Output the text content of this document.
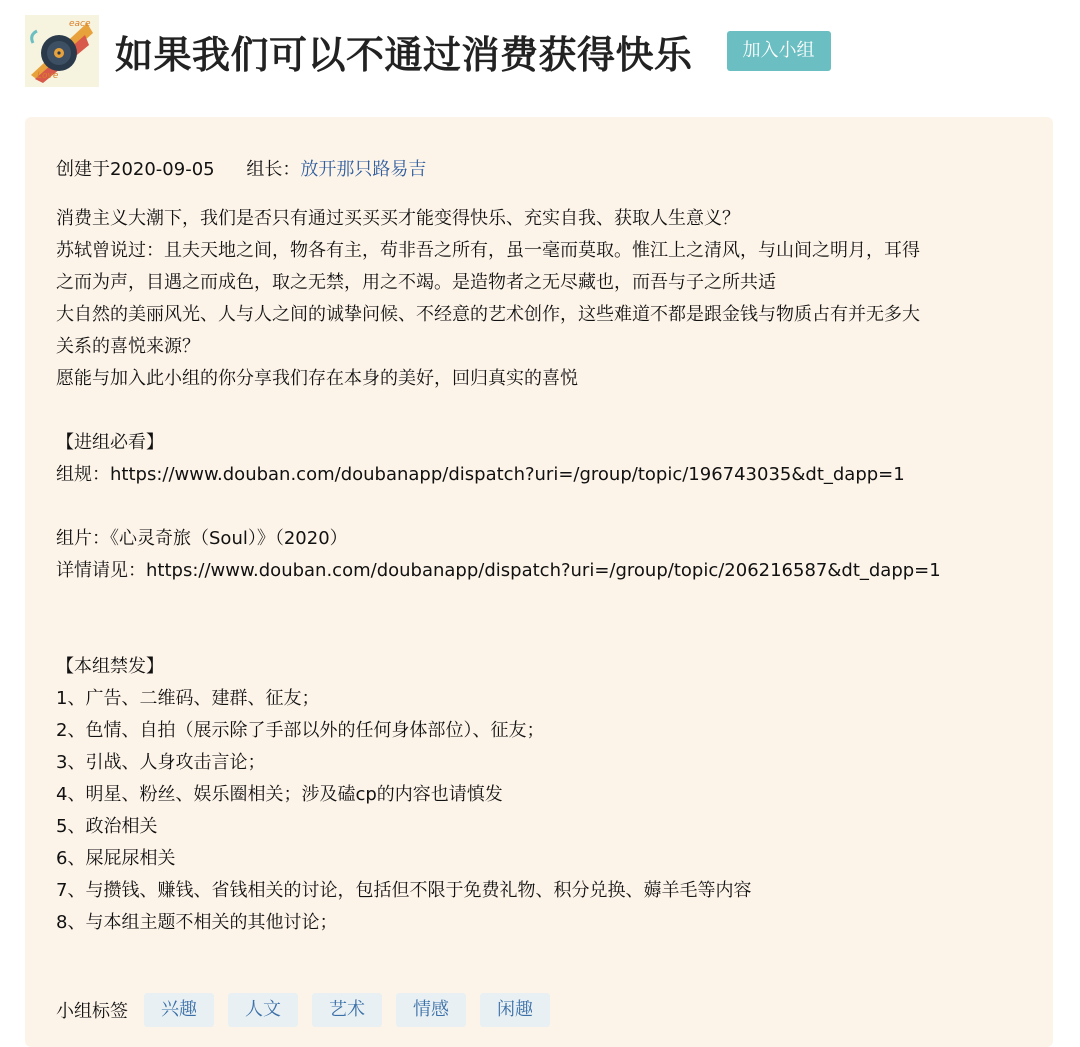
eace
Love 如果我们可以不通过消费获得快乐	加入小组
创建于2020-09-05 组长：放开那只路易吉
消费主义大潮下，我们是否只有通过买买买才能变得快乐、充实自我、获取人生意义？
苏轼曾说过：且夫天地之间，物各有主，苟非吾之所有，虽一毫而莫取。惟江上之清风，与山间之明月，耳得
之而为声，目遇之而成色，取之无禁，用之不竭。是造物者之无尽藏也，而吾与子之所共适
大自然的美丽风光、人与人之间的诚挚问候、不经意的艺术创作，这些难道不都是跟金钱与物质占有并无多大
关系的喜悦来源？
愿能与加入此小组的你分享我们存在本身的美好，回归真实的喜悦
【进组必看】
组规：https://www.douban.com/doubanapp/dispatch?uri=/group/topic/196743035&dt_dapp=1
组片：《心灵奇旅（Soul）》（2020）
详情请见：https://www.douban.com/doubanapp/dispatch?uri=/group/topic/206216587&dt_dapp=1
【本组禁发】
1、广告、二维码、建群、征友；
2、色情、自拍（展示除了手部以外的任何身体部位）、征友；
3、引战、人身攻击言论；
4、明星、粉丝、娱乐圈相关；涉及磕cp的内容也请慎发
5、政治相关
6、屎屁尿相关
7、与攒钱、赚钱、省钱相关的讨论，包括但不限于免费礼物、积分兑换、薅羊毛等内容
8、与本组主题不相关的其他讨论；
小组标签	兴趣	人文	艺术	情感	闲趣
